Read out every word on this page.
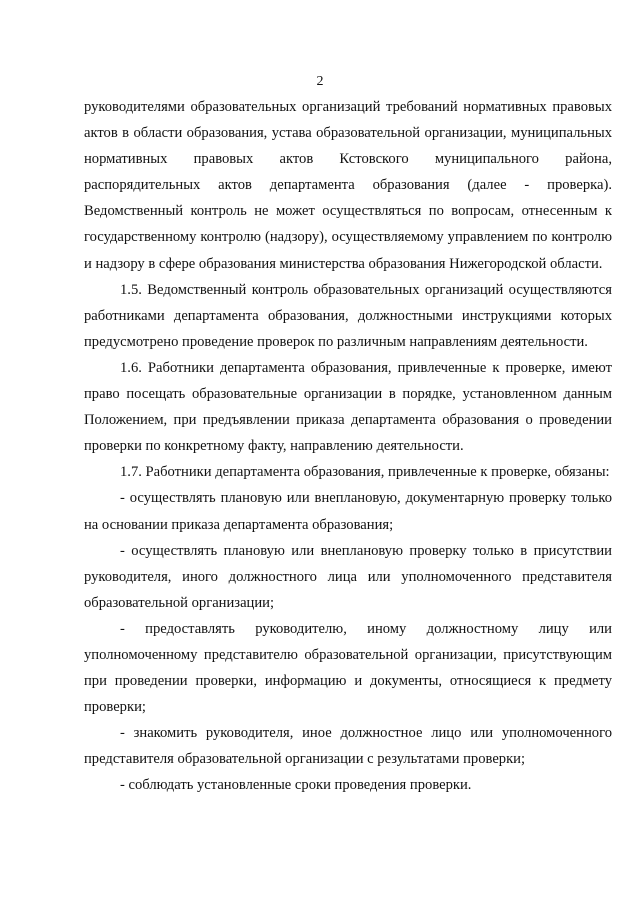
2

руководителями образовательных организаций требований нормативных правовых актов в области образования, устава образовательной организации, муниципальных нормативных правовых актов Кстовского муниципального района, распорядительных актов департамента образования (далее - проверка). Ведомственный контроль не может осуществляться по вопросам, отнесенным к государственному контролю (надзору), осуществляемому управлением по контролю и надзору в сфере образования министерства образования Нижегородской области.

1.5. Ведомственный контроль образовательных организаций осуществляются работниками департамента образования, должностными инструкциями которых предусмотрено проведение проверок по различным направлениям деятельности.

1.6. Работники департамента образования, привлеченные к проверке, имеют право посещать образовательные организации в порядке, установленном данным Положением, при предъявлении приказа департамента образования о проведении проверки по конкретному факту, направлению деятельности.

1.7. Работники департамента образования, привлеченные к проверке, обязаны:

- осуществлять плановую или внеплановую, документарную проверку только на основании приказа департамента образования;

- осуществлять плановую или внеплановую проверку только в присутствии руководителя, иного должностного лица или уполномоченного представителя образовательной организации;

- предоставлять руководителю, иному должностному лицу или уполномоченному представителю образовательной организации, присутствующим при проведении проверки, информацию и документы, относящиеся к предмету проверки;

- знакомить руководителя, иное должностное лицо или уполномоченного представителя образовательной организации с результатами проверки;

- соблюдать установленные сроки проведения проверки.
